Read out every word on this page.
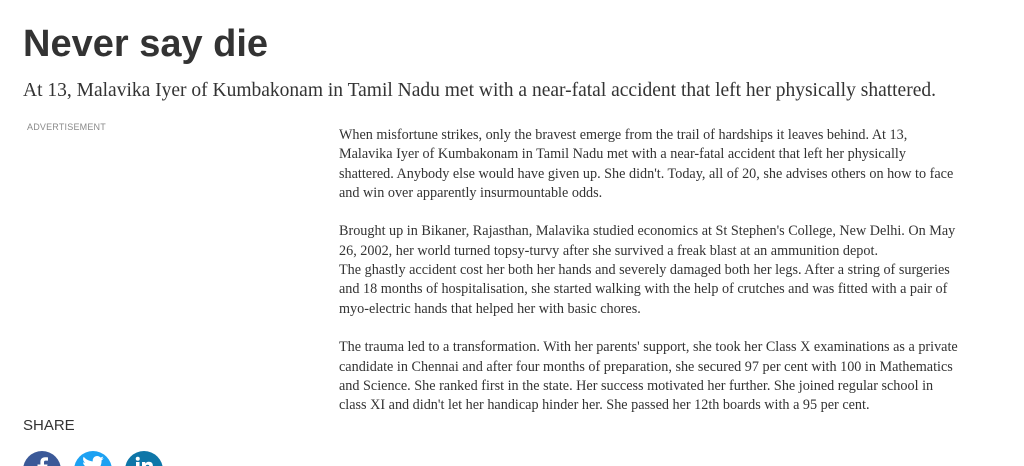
Never say die

At 13, Malavika Iyer of Kumbakonam in Tamil Nadu met with a near-fatal accident that left her physically shattered.

ADVERTISEMENT
SHARE

When misfortune strikes, only the bravest emerge from the trail of hardships it leaves behind. At 13, Malavika Iyer of Kumbakonam in Tamil Nadu met with a near-fatal accident that left her physically shattered. Anybody else would have given up. She didn't. Today, all of 20, she advises others on how to face and win over apparently insurmountable odds.

Brought up in Bikaner, Rajasthan, Malavika studied economics at St Stephen's College, New Delhi. On May 26, 2002, her world turned topsy-turvy after she survived a freak blast at an ammunition depot.
The ghastly accident cost her both her hands and severely damaged both her legs. After a string of surgeries and 18 months of hospitalisation, she started walking with the help of crutches and was fitted with a pair of myo-electric hands that helped her with basic chores.

The trauma led to a transformation. With her parents' support, she took her Class X examinations as a private candidate in Chennai and after four months of preparation, she secured 97 per cent with 100 in Mathematics and Science. She ranked first in the state. Her success motivated her further. She joined regular school in class XI and didn't let her handicap hinder her. She passed her 12th boards with a 95 per cent.
